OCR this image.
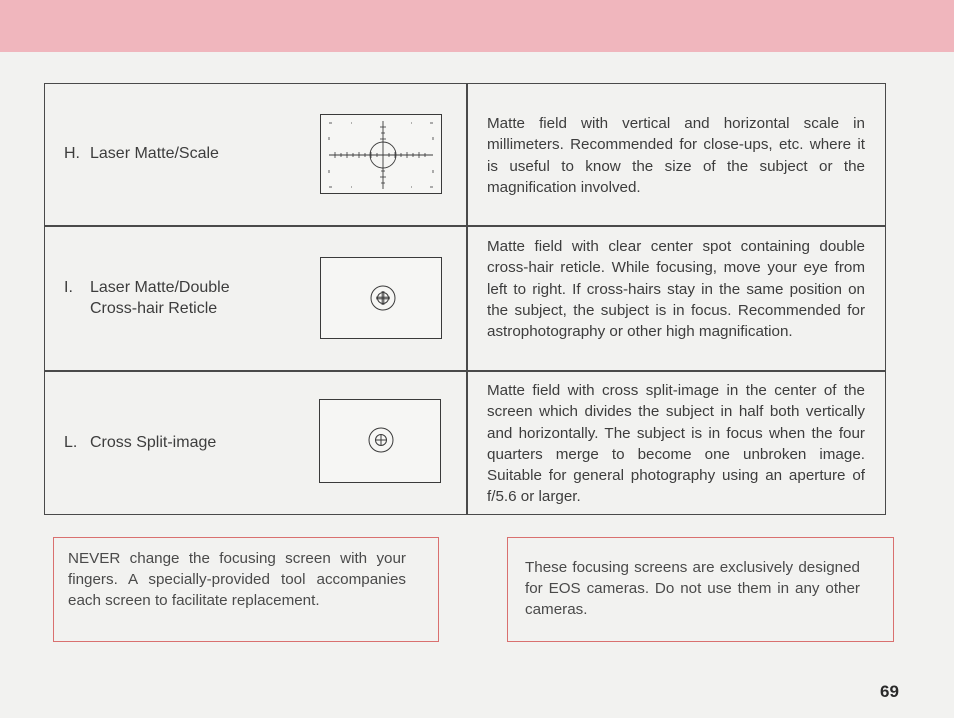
H. Laser Matte/Scale
Matte field with vertical and horizontal scale in millimeters. Recommended for close-ups, etc. where it is useful to know the size of the subject or the magnification involved.
I. Laser Matte/Double
Cross-hair Reticle
Matte field with clear center spot containing double cross-hair reticle. While focusing, move your eye from left to right. If cross-hairs stay in the same position on the subject, the subject is in focus. Recommended for astrophotography or other high magnification.
L. Cross Split-image
Matte field with cross split-image in the center of the screen which divides the subject in half both vertically and horizontally. The subject is in focus when the four quarters merge to become one unbroken image. Suitable for general photography using an aperture of f/5.6 or larger.
NEVER change the focusing screen with your fingers. A specially-provided tool accompanies each screen to facilitate replacement.
These focusing screens are exclusively designed for EOS cameras. Do not use them in any other cameras.
69
